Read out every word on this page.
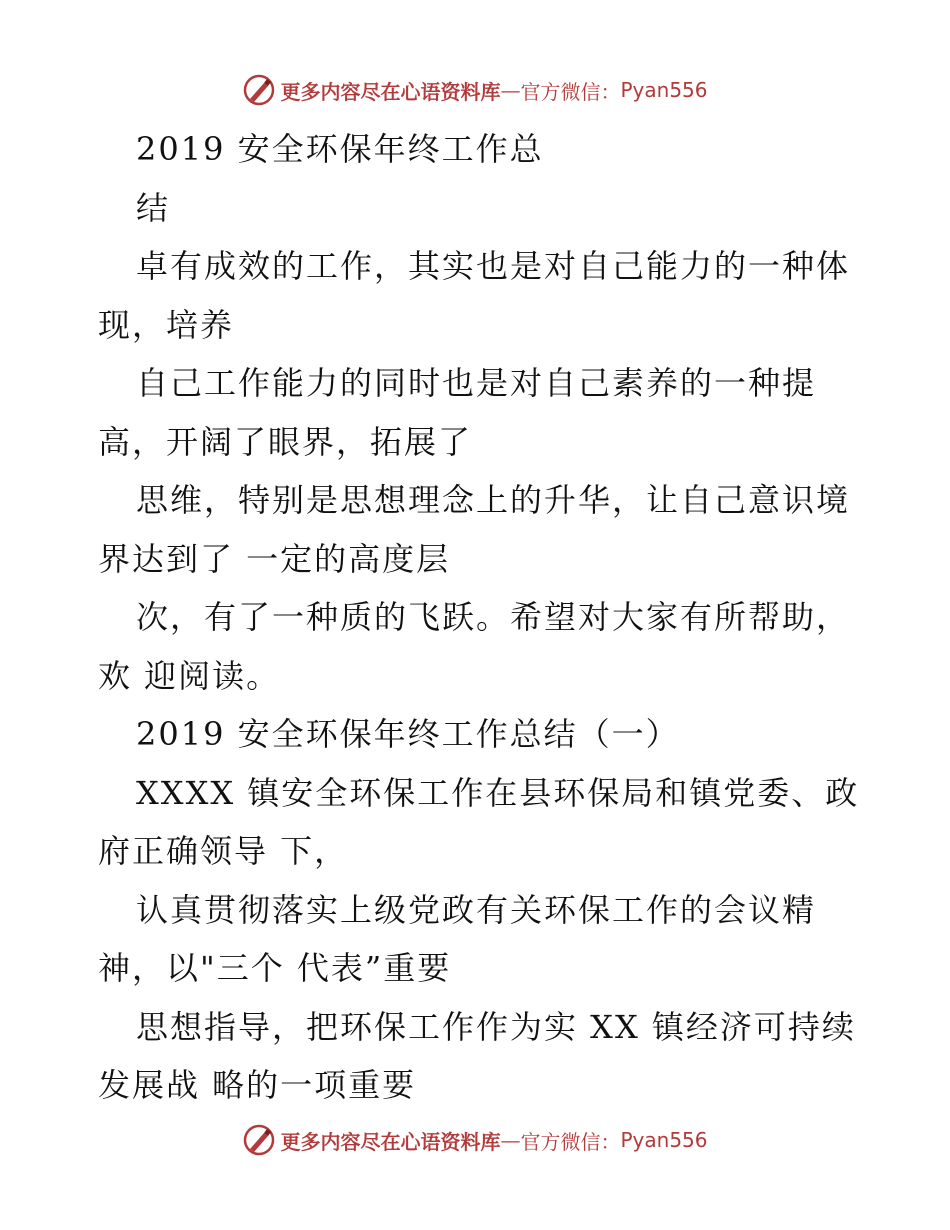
更多内容尽在心语资料库 — 官方微信： Pyan556
2019 安全环保年终工作总
结
卓有成效的工作，其实也是对自己能力的一种体
现，培养
自己工作能力的同时也是对自己素养的一种提
高，开阔了眼界，拓展了
思维，特别是思想理念上的升华，让自己意识境
界达到了 一定的高度层
次，有了一种质的飞跃。希望对大家有所帮助，
欢 迎阅读。
2019 安全环保年终工作总结（一）
XXXX 镇安全环保工作在县环保局和镇党委、政
府正确领导 下，
认真贯彻落实上级党政有关环保工作的会议精
神，以"三个 代表”重要
思想指导，把环保工作作为实 XX 镇经济可持续
发展战 略的一项重要
更多内容尽在心语资料库 — 官方微信： Pyan556
